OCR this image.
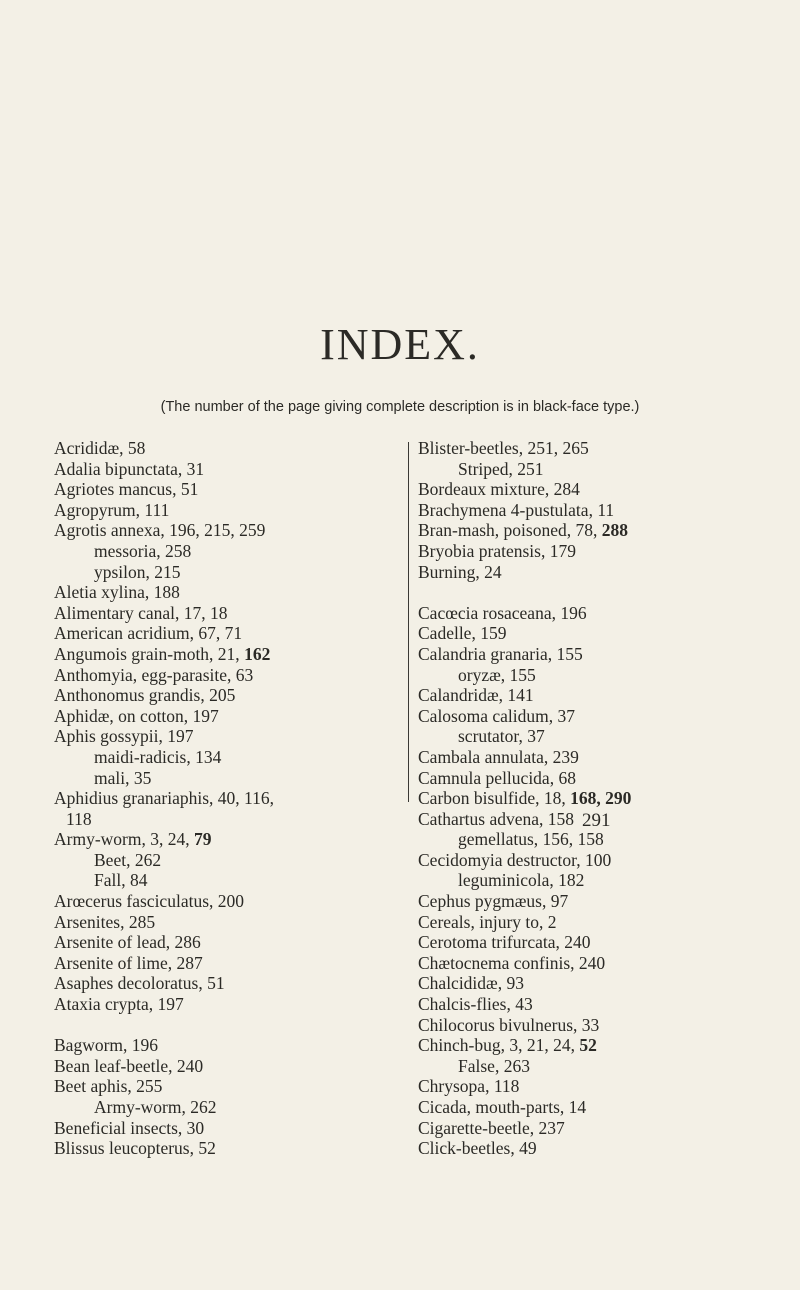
INDEX.
(The number of the page giving complete description is in black-face type.)
Acrididæ, 58
Adalia bipunctata, 31
Agriotes mancus, 51
Agropyrum, 111
Agrotis annexa, 196, 215, 259
messoria, 258
ypsilon, 215
Aletia xylina, 188
Alimentary canal, 17, 18
American acridium, 67, 71
Angumois grain-moth, 21, 162
Anthomyia, egg-parasite, 63
Anthonomus grandis, 205
Aphidæ, on cotton, 197
Aphis gossypii, 197
maidi-radicis, 134
mali, 35
Aphidius granariaphis, 40, 116,
118
Army-worm, 3, 24, 79
Beet, 262
Fall, 84
Arœcerus fasciculatus, 200
Arsenites, 285
Arsenite of lead, 286
Arsenite of lime, 287
Asaphes decoloratus, 51
Ataxia crypta, 197
Bagworm, 196
Bean leaf-beetle, 240
Beet aphis, 255
Army-worm, 262
Beneficial insects, 30
Blissus leucopterus, 52
Blister-beetles, 251, 265
Striped, 251
Bordeaux mixture, 284
Brachymena 4-pustulata, 11
Bran-mash, poisoned, 78, 288
Bryobia pratensis, 179
Burning, 24
Cacœcia rosaceana, 196
Cadelle, 159
Calandria granaria, 155
oryzæ, 155
Calandridæ, 141
Calosoma calidum, 37
scrutator, 37
Cambala annulata, 239
Camnula pellucida, 68
Carbon bisulfide, 18, 168, 290
Cathartus advena, 158
gemellatus, 156, 158
Cecidomyia destructor, 100
leguminicola, 182
Cephus pygmæus, 97
Cereals, injury to, 2
Cerotoma trifurcata, 240
Chætocnema confinis, 240
Chalcididæ, 93
Chalcis-flies, 43
Chilocorus bivulnerus, 33
Chinch-bug, 3, 21, 24, 52
False, 263
Chrysopa, 118
Cicada, mouth-parts, 14
Cigarette-beetle, 237
Click-beetles, 49
291
